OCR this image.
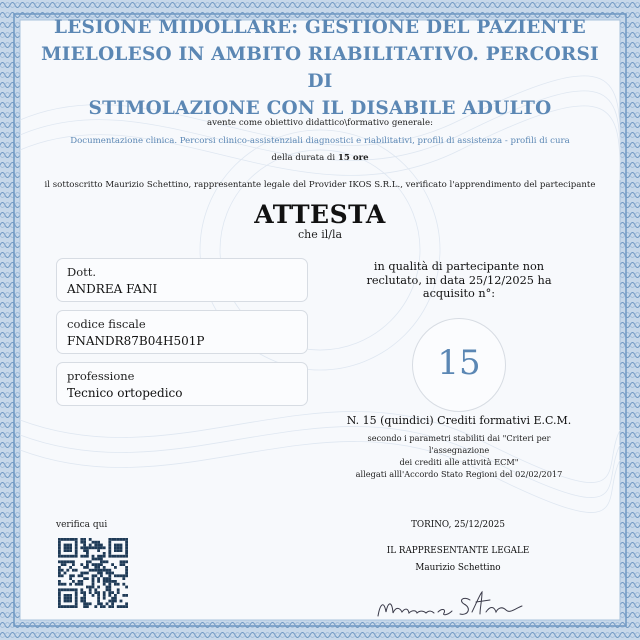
LESIONE MIDOLLARE: GESTIONE DEL PAZIENTE
MIELOLESO IN AMBITO RIABILITATIVO. PERCORSI DI
STIMOLAZIONE CON IL DISABILE ADULTO
avente come obiettivo didattico\formativo generale:
Documentazione clinica. Percorsi clinico-assistenziali diagnostici e riabilitativi, profili di assistenza - profili di cura
della durata di 15 ore
il sottoscritto Maurizio Schettino, rappresentante legale del Provider IKOS S.R.L., verificato l'apprendimento del partecipante
ATTESTA
che il/la
Dott.
ANDREA FANI
codice fiscale
FNANDR87B04H501P
professione
Tecnico ortopedico
in qualità di partecipante non
reclutato, in data 25/12/2025 ha
acquisito n°:
15
N. 15 (quindici) Crediti formativi E.C.M.
secondo i parametri stabiliti dai "Criteri per
l'assegnazione
dei crediti alle attività ECM"
allegati alll'Accordo Stato Regioni del 02/02/2017
verifica qui	TORINO, 25/12/2025
IL RAPPRESENTANTE LEGALE
Maurizio Schettino
